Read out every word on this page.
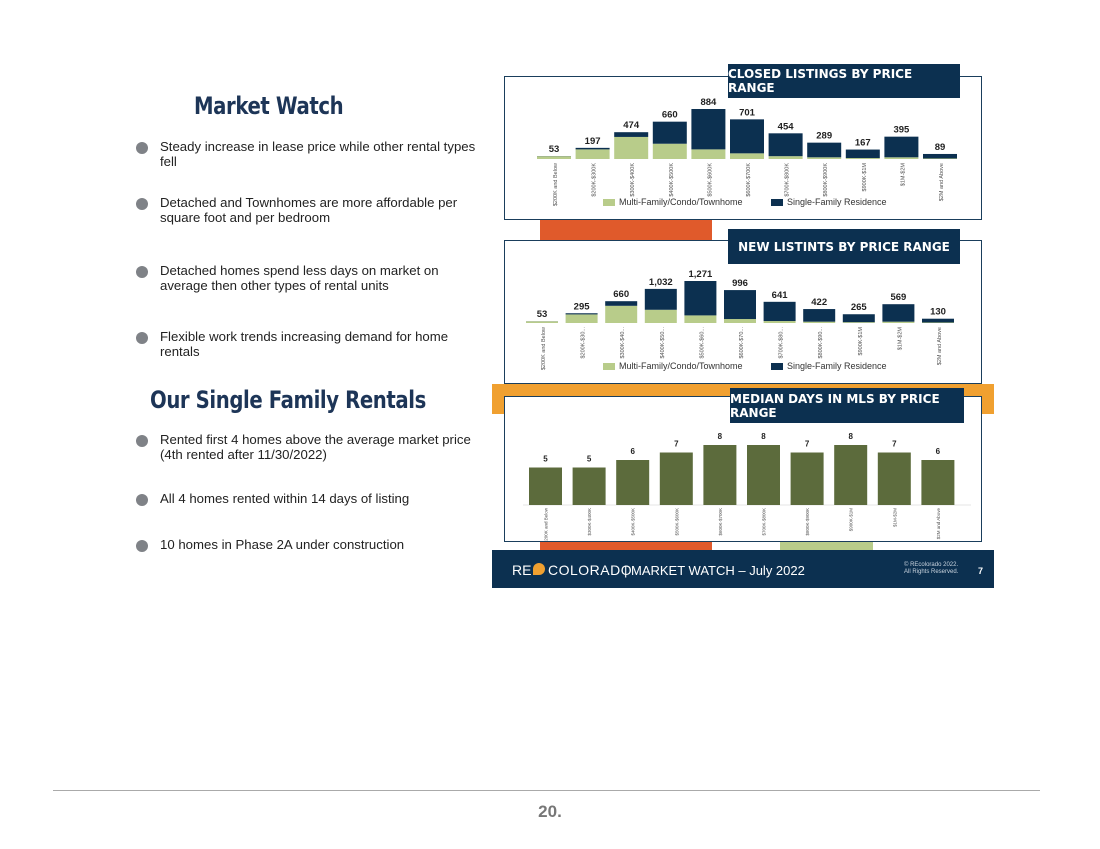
Market Watch
Steady increase in lease price while other rental types fell
Detached and Townhomes are more affordable per square foot and per bedroom
Detached homes spend less days on market on average then other types of rental units
Flexible work trends increasing demand for home rentals
Our Single Family Rentals
Rented first 4 homes above the average market price (4th rented after 11/30/2022)
All 4 homes rented within 14 days of listing
10 homes in Phase 2A under construction
53
$200K and Below
197
$200K-$300K
474
$300K-$400K
660
$400K-$500K
884
$500K-$600K
701
$600K-$700K
454
$700K-$800K
289
$800K-$900K
167
$900K-$1M
395
$1M-$2M
89
$2M and Above
Multi-Family/Condo/Townhome	Single-Family Residence
CLOSED LISTINGS BY PRICE RANGE
53
$200K and Below
295
$200K-$30...
660
$300K-$40...
1,032
$400K-$50...
1,271
$500K-$60...
996
$600K-$70...
641
$700K-$80...
422
$800K-$90...
265
$900K-$1M
569
$1M-$2M
130
$2M and Above
Multi-Family/Condo/Townhome	Single-Family Residence
NEW LISTINTS BY PRICE RANGE
5
$200K and Below
5
$300K-$400K
6
$400K-$500K
7
$500K-$600K
8
$600K-$700K
8
$700K-$800K
7
$800K-$900K
8
$900K-$1M
7
$1M-$2M
6
$2M and Above
MEDIAN DAYS IN MLS BY PRICE RANGE
RE COLORADO
| MARKET WATCH – July 2022	© REcolorado 2022. All Rights Reserved.	7
20.
